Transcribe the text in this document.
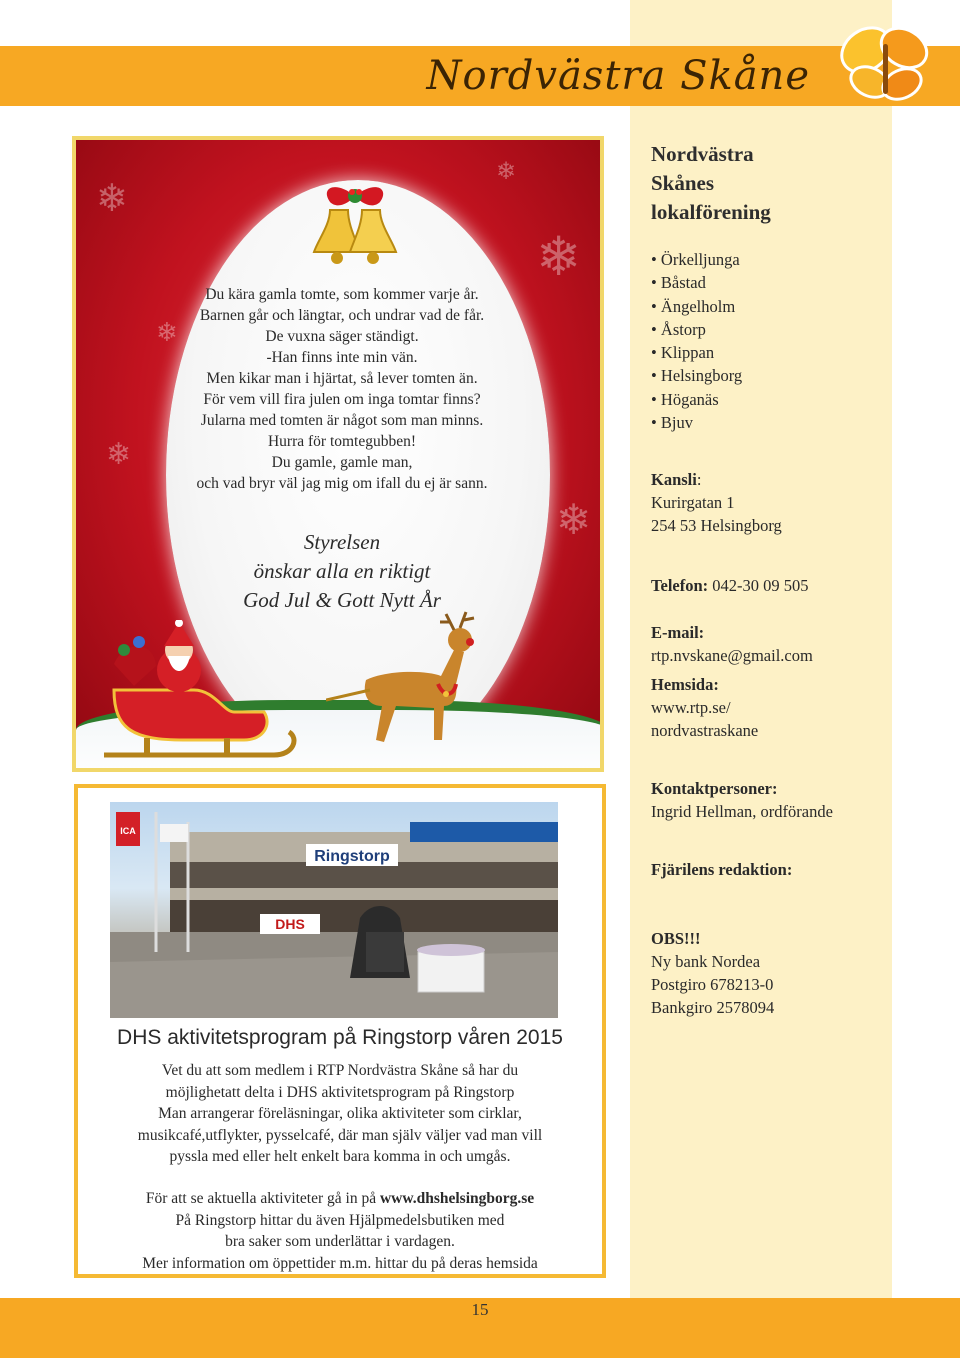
Nordvästra Skåne
❄
❄
❄
❄
❄
❄
Du kära gamla tomte, som kommer varje år.
Barnen går och längtar, och undrar vad de får.
De vuxna säger ständigt.
-Han finns inte min vän.
Men kikar man i hjärtat, så lever tomten än.
För vem vill fira julen om inga tomtar finns?
Jularna med tomten är något som man minns.
Hurra för tomtegubben!
Du gamle, gamle man,
och vad bryr väl jag mig om ifall du ej är sann.
Styrelsen
önskar alla en riktigt
God Jul & Gott Nytt År
Ringstorp
ICA
DHS
DHS aktivitetsprogram på Ringstorp våren 2015
Vet du att som medlem i RTP Nordvästra Skåne så har du
möjlighetatt delta i DHS aktivitetsprogram på Ringstorp
Man arrangerar föreläsningar, olika aktiviteter som cirklar,
musikcafé,utflykter, pysselcafé, där man själv väljer vad man vill
pyssla med eller helt enkelt bara komma in och umgås.
För att se aktuella aktiviteter gå in på www.dhshelsingborg.se
På Ringstorp hittar du även Hjälpmedelsbutiken med
bra saker som underlättar i vardagen.
Mer information om öppettider m.m. hittar du på deras hemsida
Nordvästra
Skånes
lokalförening
• Örkelljunga
• Båstad
• Ängelholm
• Åstorp
• Klippan
• Helsingborg
• Höganäs
• Bjuv
Kansli:
Kurirgatan 1
254 53 Helsingborg
Telefon: 042-30 09 505
E-mail:
rtp.nvskane@gmail.com
Hemsida:
www.rtp.se/
nordvastraskane
Kontaktpersoner:
Ingrid Hellman, ordförande
Fjärilens redaktion:
OBS!!!
Ny bank Nordea
Postgiro 678213-0
Bankgiro 2578094
15
